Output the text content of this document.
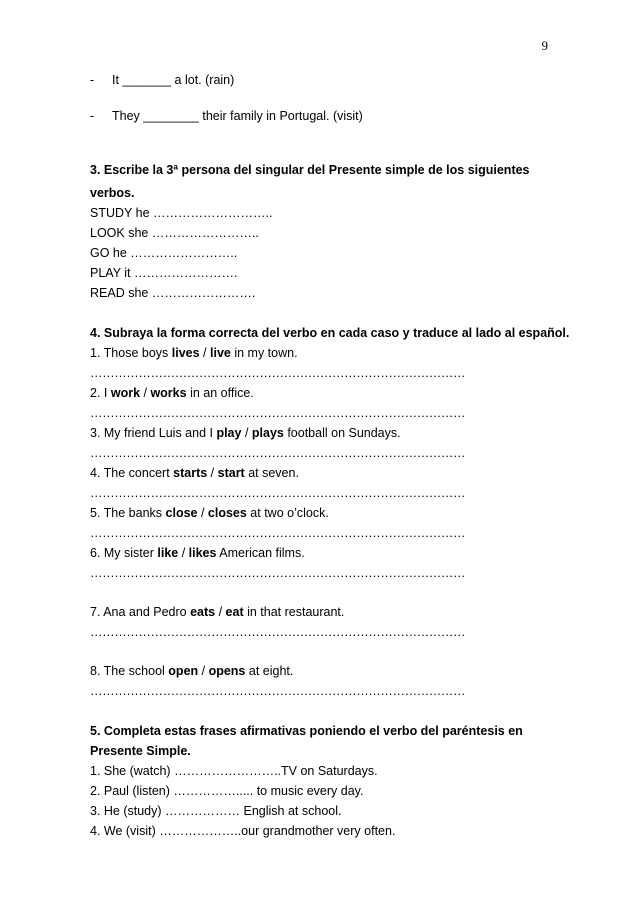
9
-	It _______ a lot. (rain)
-	They ________ their family in Portugal. (visit)
3. Escribe la 3ª persona del singular del Presente simple de los siguientes
verbos.
STUDY he ………………………..
LOOK she ……………………..
GO he ……………………..
PLAY it …………………….
READ she …………………….
4. Subraya la forma correcta del verbo en cada caso y traduce al lado al español.
1. Those boys lives / live in my town.
…………………………………………………………………………………
2. I work / works in an office.
…………………………………………………………………………………
3. My friend Luis and I play / plays football on Sundays.
…………………………………………………………………………………
4. The concert starts / start at seven.
…………………………………………………………………………………
5. The banks close / closes at two o’clock.
…………………………………………………………………………………
6. My sister like / likes American films.
…………………………………………………………………………………
7. Ana and Pedro eats / eat in that restaurant.
…………………………………………………………………………………
8. The school open / opens at eight.
…………………………………………………………………………………
5. Completa estas frases afirmativas poniendo el verbo del paréntesis en
Presente Simple.
1. She (watch) ……………………..TV on Saturdays.
2. Paul (listen) ……………..... to music every day.
3. He (study) ……………… English at school.
4. We (visit) ………………..our grandmother very often.
